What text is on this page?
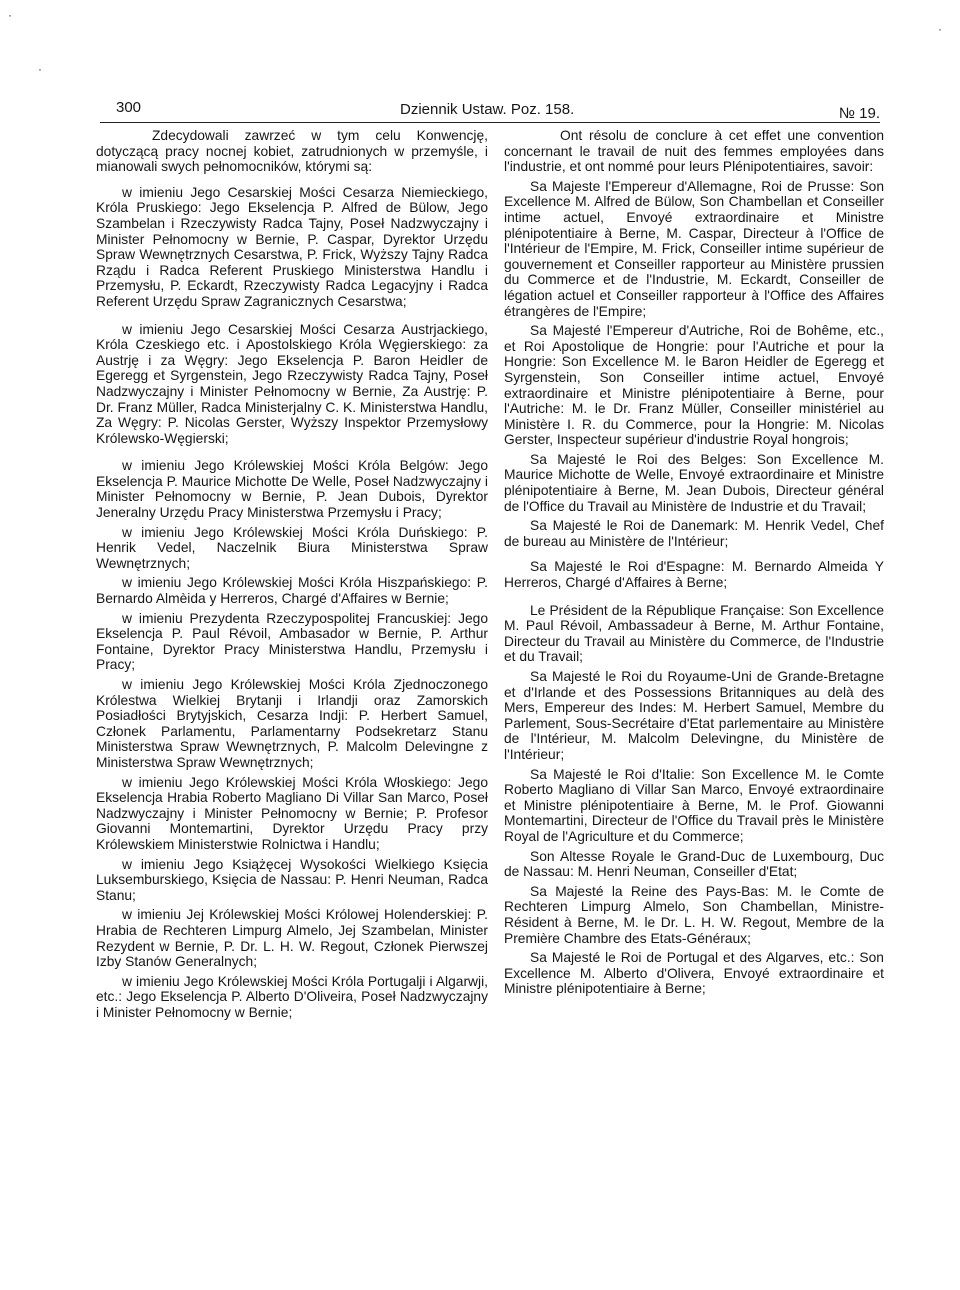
·
·
·
300	Dziennik Ustaw. Poz. 158.	№ 19.

Zdecydowali zawrzeć w tym celu Konwencję, dotyczącą pracy nocnej kobiet, zatrudnionych w przemyśle, i mianowali swych pełnomocników, którymi są:

w imieniu Jego Cesarskiej Mości Cesarza Niemieckiego, Króla Pruskiego: Jego Ekselencja P. Alfred de Bülow, Jego Szambelan i Rzeczywisty Radca Tajny, Poseł Nadzwyczajny i Minister Pełnomocny w Bernie, P. Caspar, Dyrektor Urzędu Spraw Wewnętrznych Cesarstwa, P. Frick, Wyższy Tajny Radca Rządu i Radca Referent Pruskiego Ministerstwa Handlu i Przemysłu, P. Eckardt, Rzeczywisty Radca Legacyjny i Radca Referent Urzędu Spraw Zagranicznych Cesarstwa;

w imieniu Jego Cesarskiej Mości Cesarza Austrjackiego, Króla Czeskiego etc. i Apostolskiego Króla Węgierskiego: za Austrję i za Węgry: Jego Ekselencja P. Baron Heidler de Egeregg et Syrgenstein, Jego Rzeczywisty Radca Tajny, Poseł Nadzwyczajny i Minister Pełnomocny w Bernie, Za Austrję: P. Dr. Franz Müller, Radca Ministerjalny C. K. Ministerstwa Handlu, Za Węgry: P. Nicolas Gerster, Wyższy Inspektor Przemysłowy Królewsko-Węgierski;

w imieniu Jego Królewskiej Mości Króla Belgów: Jego Ekselencja P. Maurice Michotte De Welle, Poseł Nadzwyczajny i Minister Pełnomocny w Bernie, P. Jean Dubois, Dyrektor Jeneralny Urzędu Pracy Ministerstwa Przemysłu i Pracy;

w imieniu Jego Królewskiej Mości Króla Duńskiego: P. Henrik Vedel, Naczelnik Biura Ministerstwa Spraw Wewnętrznych;

w imieniu Jego Królewskiej Mości Króla Hiszpańskiego: P. Bernardo Almèida y Herreros, Chargé d'Affaires w Bernie;

w imieniu Prezydenta Rzeczypospolitej Francuskiej: Jego Ekselencja P. Paul Révoil, Ambasador w Bernie, P. Arthur Fontaine, Dyrektor Pracy Ministerstwa Handlu, Przemysłu i Pracy;

w imieniu Jego Królewskiej Mości Króla Zjednoczonego Królestwa Wielkiej Brytanji i Irlandji oraz Zamorskich Posiadłości Brytyjskich, Cesarza Indji: P. Herbert Samuel, Członek Parlamentu, Parlamentarny Podsekretarz Stanu Ministerstwa Spraw Wewnętrznych, P. Malcolm Delevingne z Ministerstwa Spraw Wewnętrznych;

w imieniu Jego Królewskiej Mości Króla Włoskiego: Jego Ekselencja Hrabia Roberto Magliano Di Villar San Marco, Poseł Nadzwyczajny i Minister Pełnomocny w Bernie; P. Profesor Giovanni Montemartini, Dyrektor Urzędu Pracy przy Królewskiem Ministerstwie Rolnictwa i Handlu;

w imieniu Jego Książęcej Wysokości Wielkiego Księcia Luksemburskiego, Księcia de Nassau: P. Henri Neuman, Radca Stanu;

w imieniu Jej Królewskiej Mości Królowej Holenderskiej: P. Hrabia de Rechteren Limpurg Almelo, Jej Szambelan, Minister Rezydent w Bernie, P. Dr. L. H. W. Regout, Członek Pierwszej Izby Stanów Generalnych;

w imieniu Jego Królewskiej Mości Króla Portugalji i Algarwji, etc.: Jego Ekselencja P. Alberto D'Oliveira, Poseł Nadzwyczajny i Minister Pełnomocny w Bernie;

Ont résolu de conclure à cet effet une convention concernant le travail de nuit des femmes employées dans l'industrie, et ont nommé pour leurs Plénipotentiaires, savoir:

Sa Majeste l'Empereur d'Allemagne, Roi de Prusse: Son Excellence M. Alfred de Bülow, Son Chambellan et Conseiller intime actuel, Envoyé extraordinaire et Ministre plénipotentiaire à Berne, M. Caspar, Directeur à l'Office de l'Intérieur de l'Empire, M. Frick, Conseiller intime supérieur de gouvernement et Conseiller rapporteur au Ministère prussien du Commerce et de l'Industrie, M. Eckardt, Conseiller de légation actuel et Conseiller rapporteur à l'Office des Affaires étrangères de l'Empire;

Sa Majesté l'Empereur d'Autriche, Roi de Bohême, etc., et Roi Apostolique de Hongrie: pour l'Autriche et pour la Hongrie: Son Excellence M. le Baron Heidler de Egeregg et Syrgenstein, Son Conseiller intime actuel, Envoyé extraordinaire et Ministre plénipotentiaire à Berne, pour l'Autriche: M. le Dr. Franz Müller, Conseiller ministériel au Ministère I. R. du Commerce, pour la Hongrie: M. Nicolas Gerster, Inspecteur supérieur d'industrie Royal hongrois;

Sa Majesté le Roi des Belges: Son Excellence M. Maurice Michotte de Welle, Envoyé extraordinaire et Ministre plénipotentiaire à Berne, M. Jean Dubois, Directeur général de l'Office du Travail au Ministère de Industrie et du Travail;

Sa Majesté le Roi de Danemark: M. Henrik Vedel, Chef de bureau au Ministère de l'Intérieur;

Sa Majesté le Roi d'Espagne: M. Bernardo Almeida Y Herreros, Chargé d'Affaires à Berne;

Le Président de la République Française: Son Excellence M. Paul Révoil, Ambassadeur à Berne, M. Arthur Fontaine, Directeur du Travail au Ministère du Commerce, de l'Industrie et du Travail;

Sa Majesté le Roi du Royaume-Uni de Grande-Bretagne et d'Irlande et des Possessions Britanniques au delà des Mers, Empereur des Indes: M. Herbert Samuel, Membre du Parlement, Sous-Secrétaire d'Etat parlementaire au Ministère de l'Intérieur, M. Malcolm Delevingne, du Ministère de l'Intérieur;

Sa Majesté le Roi d'Italie: Son Excellence M. le Comte Roberto Magliano di Villar San Marco, Envoyé extraordinaire et Ministre plénipotentiaire à Berne, M. le Prof. Giowanni Montemartini, Directeur de l'Office du Travail près le Ministère Royal de l'Agriculture et du Commerce;

Son Altesse Royale le Grand-Duc de Luxembourg, Duc de Nassau: M. Henri Neuman, Conseiller d'Etat;

Sa Majesté la Reine des Pays-Bas: M. le Comte de Rechteren Limpurg Almelo, Son Chambellan, Ministre-Résident à Berne, M. le Dr. L. H. W. Regout, Membre de la Première Chambre des Etats-Généraux;

Sa Majesté le Roi de Portugal et des Algarves, etc.: Son Excellence M. Alberto d'Olivera, Envoyé extraordinaire et Ministre plénipotentiaire à Berne;
